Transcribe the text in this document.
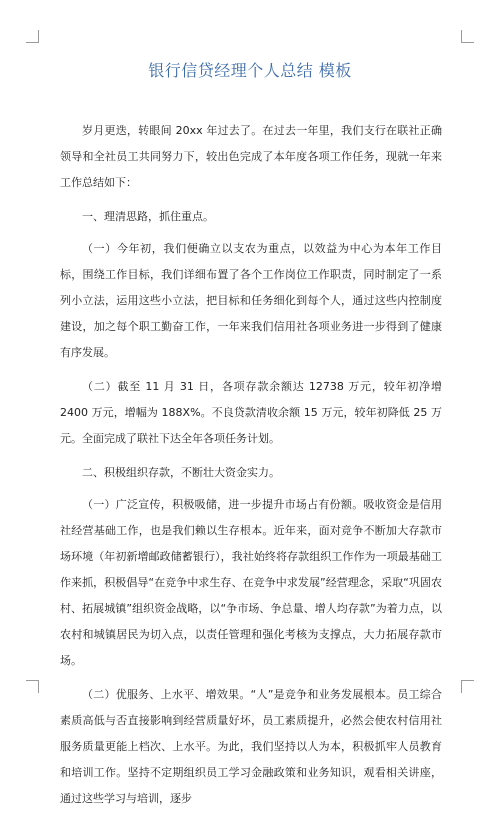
银行信贷经理个人总结 模板

岁月更迭，转眼间 20xx 年过去了。在过去一年里，我们支行在联社正确领导和全社员工共同努力下，较出色完成了本年度各项工作任务，现就一年来工作总结如下：

一、理清思路，抓住重点。

（一）今年初，我们便确立以支农为重点，以效益为中心为本年工作目标，围绕工作目标，我们详细布置了各个工作岗位工作职责，同时制定了一系列小立法，运用这些小立法，把目标和任务细化到每个人，通过这些内控制度建设，加之每个职工勤奋工作，一年来我们信用社各项业务进一步得到了健康有序发展。

（二）截至 11 月 31 日，各项存款余额达 12738 万元，较年初净增 2400 万元，增幅为 188X%。不良贷款清收余额 15 万元，较年初降低 25 万元。全面完成了联社下达全年各项任务计划。

二、积极组织存款，不断壮大资金实力。

（一）广泛宣传，积极吸储，进一步提升市场占有份额。吸收资金是信用社经营基础工作，也是我们赖以生存根本。近年来，面对竞争不断加大存款市场环境（年初新增邮政储蓄银行），我社始终将存款组织工作作为一项最基础工作来抓，积极倡导“在竞争中求生存、在竞争中求发展”经营理念，采取“巩固农村、拓展城镇”组织资金战略，以“争市场、争总量、增人均存款”为着力点，以农村和城镇居民为切入点，以责任管理和强化考核为支撑点，大力拓展存款市场。

（二）优服务、上水平、增效果。“人”是竞争和业务发展根本。员工综合素质高低与否直接影响到经营质量好坏，员工素质提升，必然会使农村信用社服务质量更能上档次、上水平。为此，我们坚持以人为本，积极抓牢人员教育和培训工作。坚持不定期组织员工学习金融政策和业务知识，观看相关讲座，通过这些学习与培训，逐步
